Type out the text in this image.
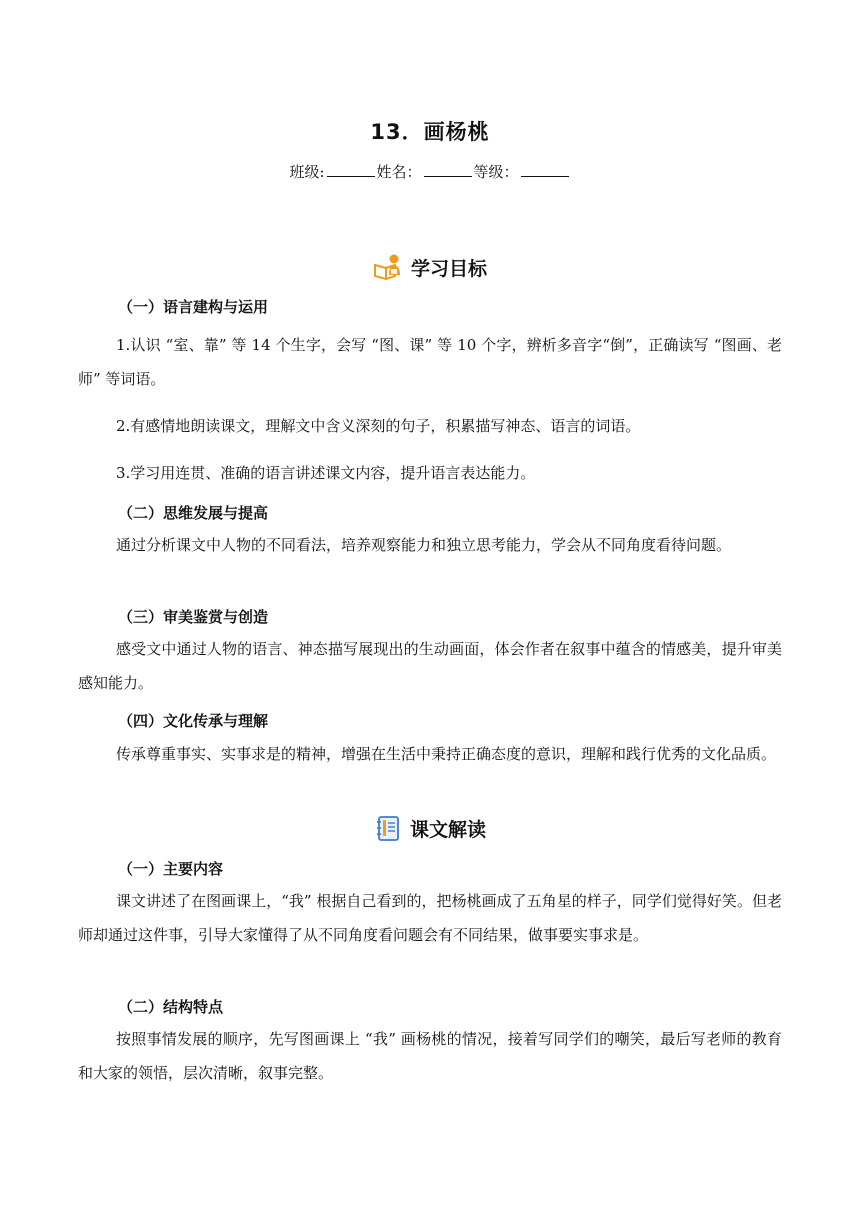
13．画杨桃
班级:	姓名：	等级：
学习目标
（一）语言建构与运用

1.认识 “室、靠” 等 14 个生字，会写 “图、课” 等 10 个字，辨析多音字“倒”，正确读写 “图画、老师” 等词语。

2.有感情地朗读课文，理解文中含义深刻的句子，积累描写神态、语言的词语。

3.学习用连贯、准确的语言讲述课文内容，提升语言表达能力。

（二）思维发展与提高

通过分析课文中人物的不同看法，培养观察能力和独立思考能力，学会从不同角度看待问题。

（三）审美鉴赏与创造

感受文中通过人物的语言、神态描写展现出的生动画面，体会作者在叙事中蕴含的情感美，提升审美感知能力。

（四）文化传承与理解

传承尊重事实、实事求是的精神，增强在生活中秉持正确态度的意识，理解和践行优秀的文化品质。

课文解读
（一）主要内容

课文讲述了在图画课上，“我” 根据自己看到的，把杨桃画成了五角星的样子，同学们觉得好笑。但老师却通过这件事，引导大家懂得了从不同角度看问题会有不同结果，做事要实事求是。

（二）结构特点

按照事情发展的顺序，先写图画课上 “我” 画杨桃的情况，接着写同学们的嘲笑，最后写老师的教育和大家的领悟，层次清晰，叙事完整。
